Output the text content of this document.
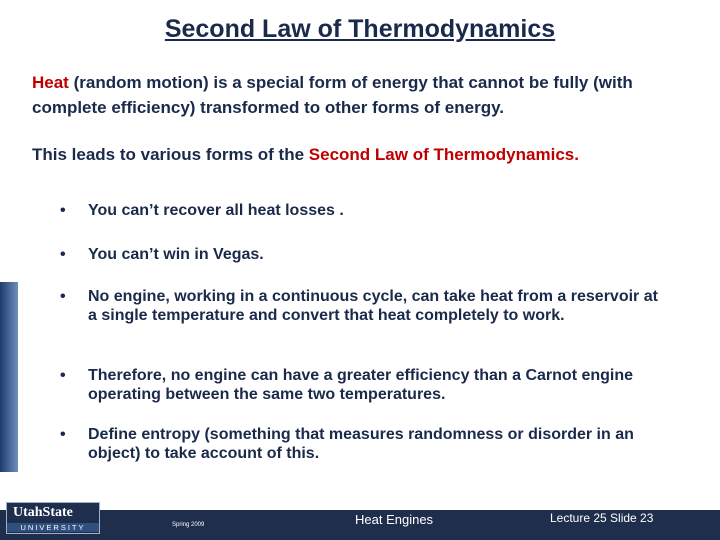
Second Law of Thermodynamics
Heat (random motion) is a special form of energy that cannot be fully (with complete efficiency) transformed to other forms of energy.
This leads to various forms of the Second Law of Thermodynamics.
• You can’t recover all heat losses .
• You can’t win in Vegas.
• No engine, working in a continuous cycle, can take heat from a reservoir at a single temperature and convert that heat completely to work.
• Therefore, no engine can have a greater efficiency than a Carnot engine operating between the same two temperatures.
• Define entropy (something that measures randomness or disorder in an object) to take account of this.
UtahState
UNIVERSITY
Physics of Technology—PHYS 1800
Spring 2009	Heat Engines	Lecture 25 Slide 23
